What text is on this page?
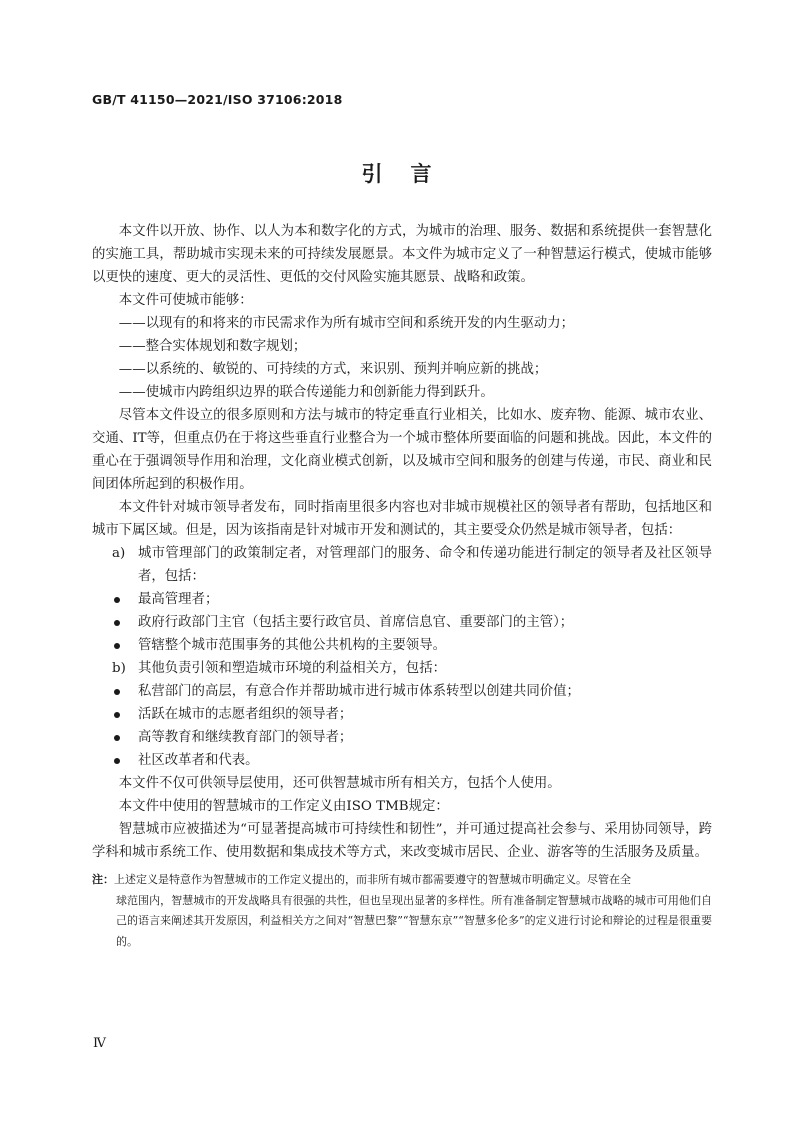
GB/T 41150—2021/ISO 37106:2018
引言

本文件以开放、协作、以人为本和数字化的方式，为城市的治理、服务、数据和系统提供一套智慧化的实施工具，帮助城市实现未来的可持续发展愿景。本文件为城市定义了一种智慧运行模式，使城市能够以更快的速度、更大的灵活性、更低的交付风险实施其愿景、战略和政策。

本文件可使城市能够：

——以现有的和将来的市民需求作为所有城市空间和系统开发的内生驱动力；

——整合实体规划和数字规划；

——以系统的、敏锐的、可持续的方式，来识别、预判并响应新的挑战；

——使城市内跨组织边界的联合传递能力和创新能力得到跃升。

尽管本文件设立的很多原则和方法与城市的特定垂直行业相关，比如水、废弃物、能源、城市农业、交通、IT等，但重点仍在于将这些垂直行业整合为一个城市整体所要面临的问题和挑战。因此，本文件的重心在于强调领导作用和治理，文化商业模式创新，以及城市空间和服务的创建与传递，市民、商业和民间团体所起到的积极作用。

本文件针对城市领导者发布，同时指南里很多内容也对非城市规模社区的领导者有帮助，包括地区和城市下属区域。但是，因为该指南是针对城市开发和测试的，其主要受众仍然是城市领导者，包括：

a) 城市管理部门的政策制定者，对管理部门的服务、命令和传递功能进行制定的领导者及社区领导者，包括：
最高管理者；
政府行政部门主官（包括主要行政官员、首席信息官、重要部门的主管）；
管辖整个城市范围事务的其他公共机构的主要领导。
b) 其他负责引领和塑造城市环境的利益相关方，包括：
私营部门的高层，有意合作并帮助城市进行城市体系转型以创建共同价值；
活跃在城市的志愿者组织的领导者；
高等教育和继续教育部门的领导者；
社区改革者和代表。

本文件不仅可供领导层使用，还可供智慧城市所有相关方，包括个人使用。

本文件中使用的智慧城市的工作定义由ISO TMB规定：

智慧城市应被描述为“可显著提高城市可持续性和韧性”，并可通过提高社会参与、采用协同领导，跨学科和城市系统工作、使用数据和集成技术等方式，来改变城市居民、企业、游客等的生活服务及质量。

注：上述定义是特意作为智慧城市的工作定义提出的，而非所有城市都需要遵守的智慧城市明确定义。尽管在全
球范围内，智慧城市的开发战略具有很强的共性，但也呈现出显著的多样性。所有准备制定智慧城市战略的城市可用他们自己的语言来阐述其开发原因，利益相关方之间对“智慧巴黎”“智慧东京”“智慧多伦多”的定义进行讨论和辩论的过程是很重要的。
Ⅳ
